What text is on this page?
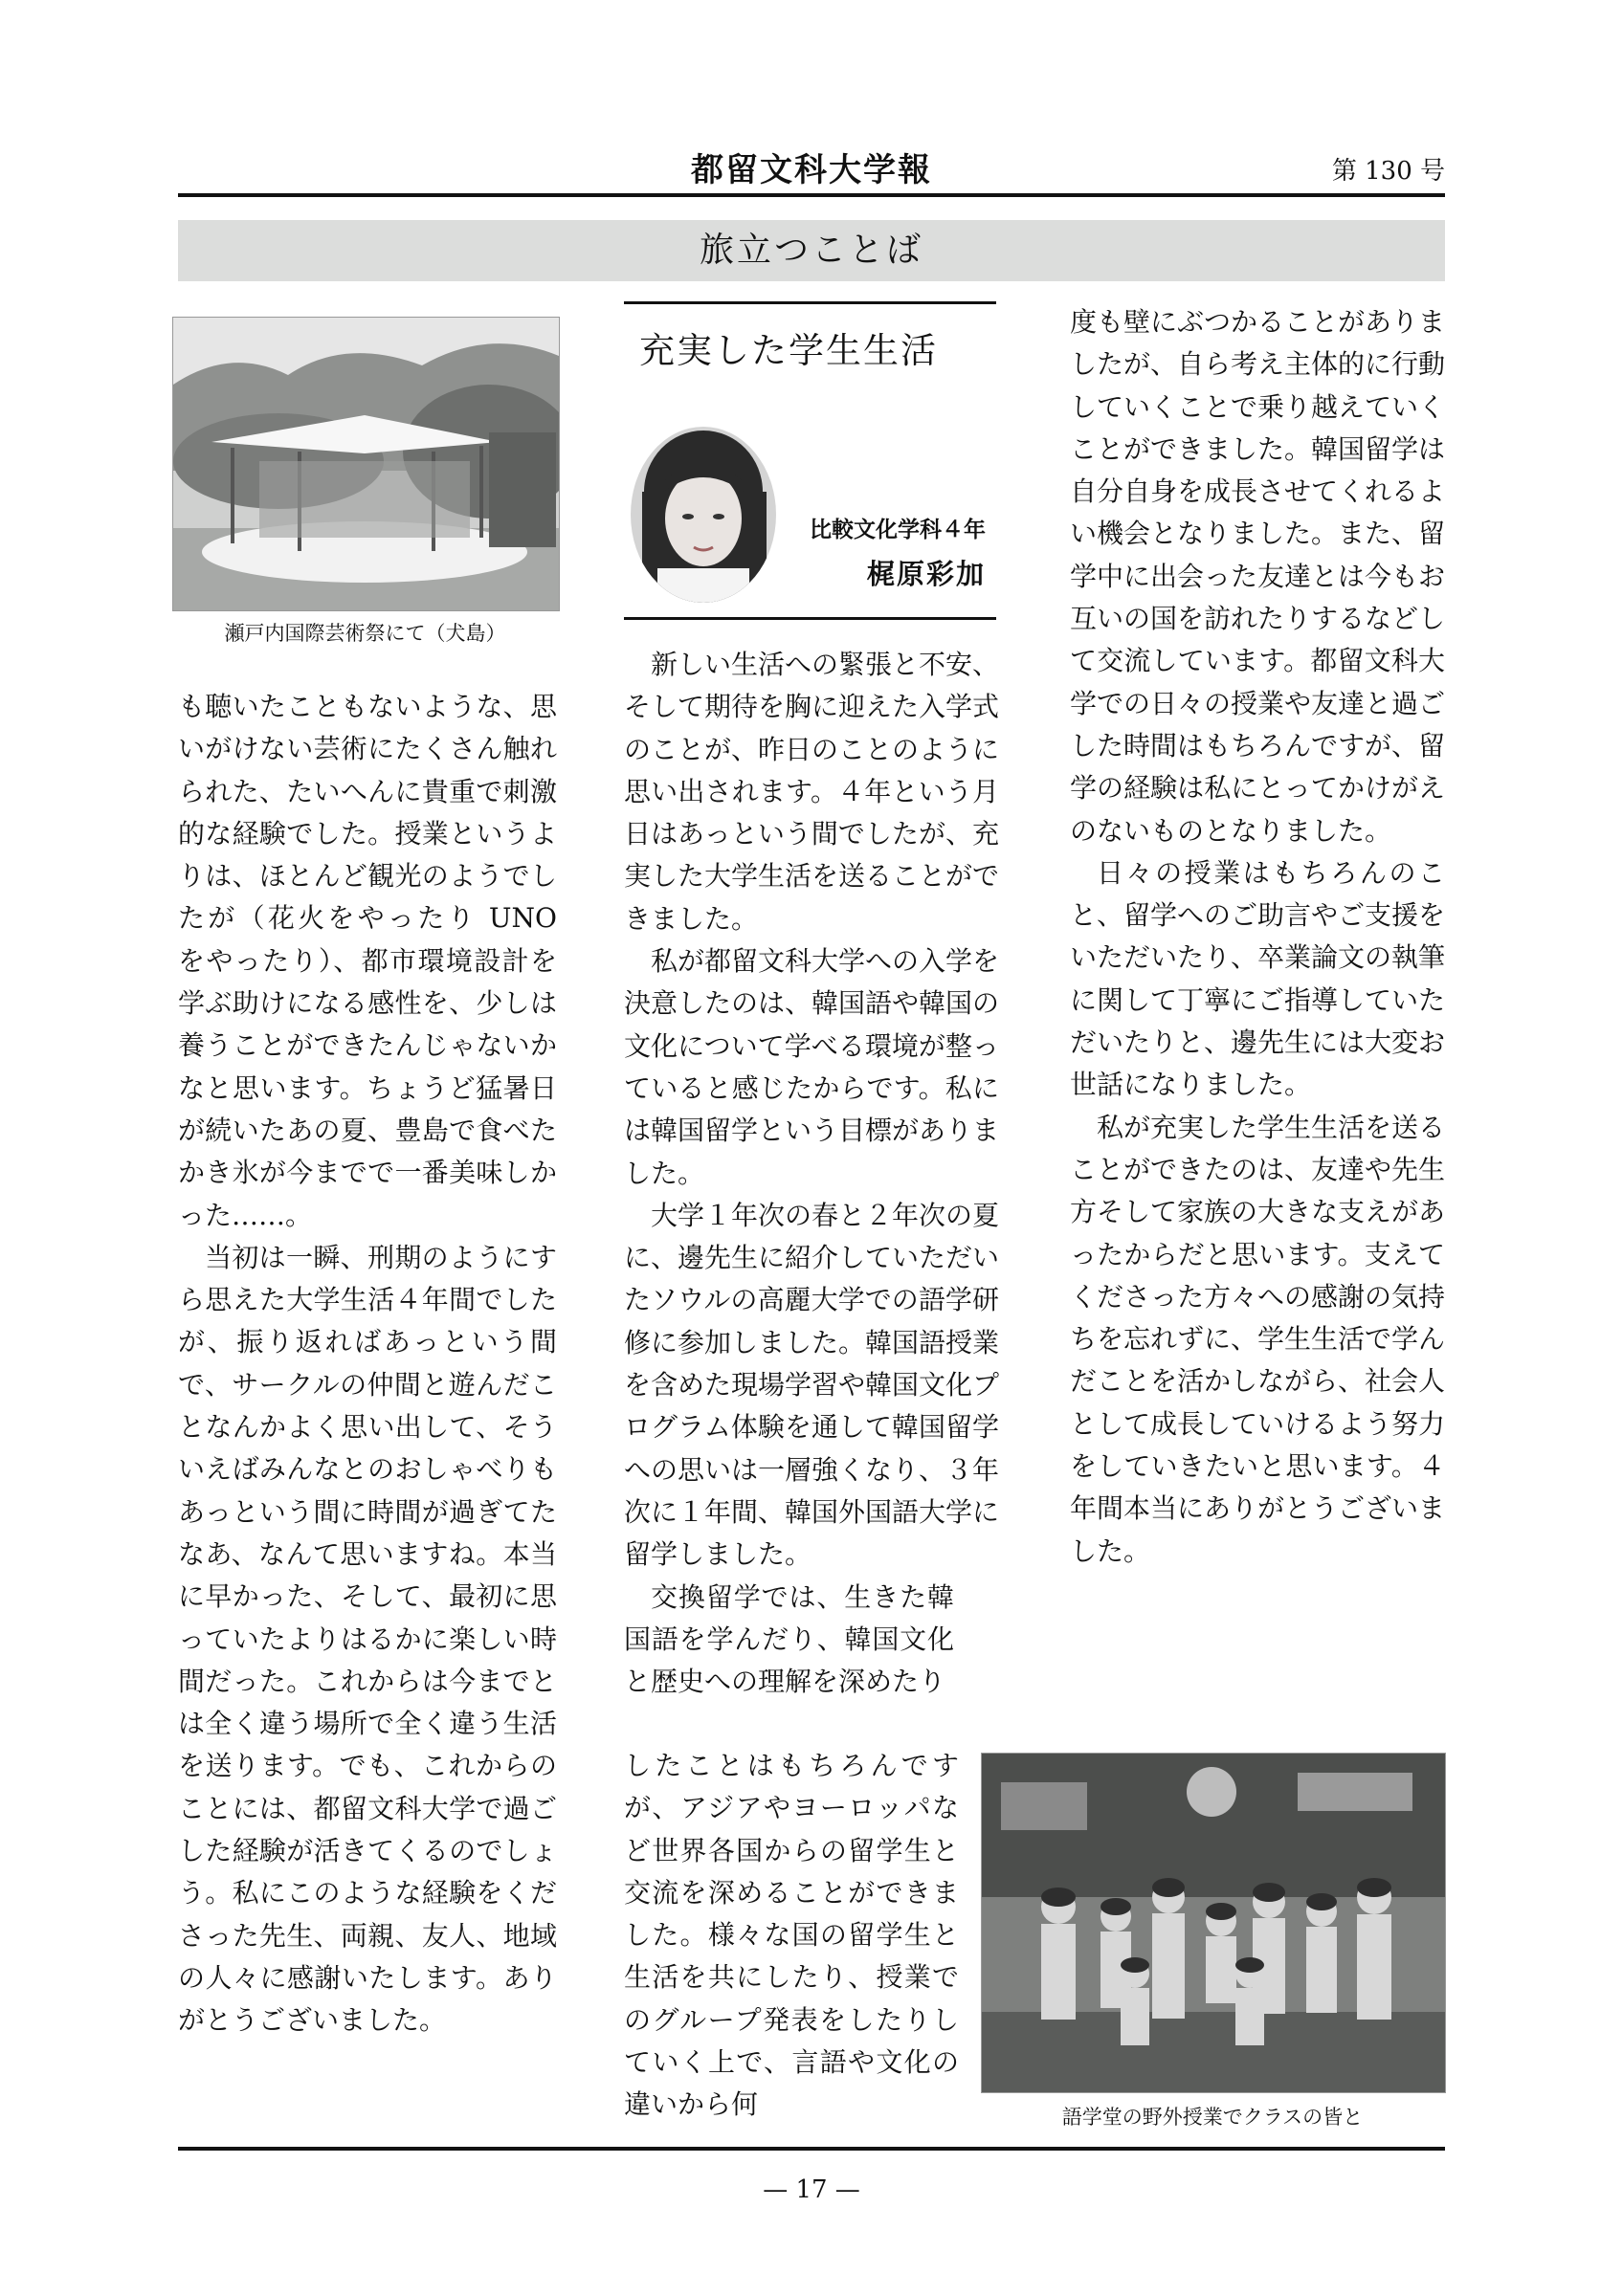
都留文科大学報	第 130 号
旅立つことば
瀬戸内国際芸術祭にて（犬島）

も聴いたこともないような、思いがけない芸術にたくさん触れられた、たいへんに貴重で刺激的な経験でした。授業というよりは、ほとんど観光のようでしたが（花火をやったり UNO をやったり）、都市環境設計を学ぶ助けになる感性を、少しは養うことができたんじゃないかなと思います。ちょうど猛暑日が続いたあの夏、豊島で食べたかき氷が今までで一番美味しかった……。

当初は一瞬、刑期のようにすら思えた大学生活４年間でしたが、振り返ればあっという間で、サークルの仲間と遊んだことなんかよく思い出して、そういえばみんなとのおしゃべりもあっという間に時間が過ぎてたなあ、なんて思いますね。本当に早かった、そして、最初に思っていたよりはるかに楽しい時間だった。これからは今までとは全く違う場所で全く違う生活を送ります。でも、これからのことには、都留文科大学で過ごした経験が活きてくるのでしょう。私にこのような経験をくださった先生、両親、友人、地域の人々に感謝いたします。ありがとうございました。

充実した学生生活
比較文化学科４年
梶原彩加

新しい生活への緊張と不安、そして期待を胸に迎えた入学式のことが、昨日のことのように思い出されます。４年という月日はあっという間でしたが、充実した大学生活を送ることができました。

私が都留文科大学への入学を決意したのは、韓国語や韓国の文化について学べる環境が整っていると感じたからです。私には韓国留学という目標がありました。

大学１年次の春と２年次の夏に、邊先生に紹介していただいたソウルの高麗大学での語学研修に参加しました。韓国語授業を含めた現場学習や韓国文化プログラム体験を通して韓国留学への思いは一層強くなり、３年次に１年間、韓国外国語大学に留学しました。

交換留学では、生きた韓国語を学んだり、韓国文化と歴史への理解を深めたり

したことはもちろんですが、アジアやヨーロッパなど世界各国からの留学生と交流を深めることができました。様々な国の留学生と生活を共にしたり、授業でのグループ発表をしたりしていく上で、言語や文化の違いから何

度も壁にぶつかることがありましたが、自ら考え主体的に行動していくことで乗り越えていくことができました。韓国留学は自分自身を成長させてくれるよい機会となりました。また、留学中に出会った友達とは今もお互いの国を訪れたりするなどして交流しています。都留文科大学での日々の授業や友達と過ごした時間はもちろんですが、留学の経験は私にとってかけがえのないものとなりました。

日々の授業はもちろんのこと、留学へのご助言やご支援をいただいたり、卒業論文の執筆に関して丁寧にご指導していただいたりと、邊先生には大変お世話になりました。

私が充実した学生生活を送ることができたのは、友達や先生方そして家族の大きな支えがあったからだと思います。支えてくださった方々への感謝の気持ちを忘れずに、学生生活で学んだことを活かしながら、社会人として成長していけるよう努力をしていきたいと思います。４年間本当にありがとうございました。

語学堂の野外授業でクラスの皆と
— 17 —
